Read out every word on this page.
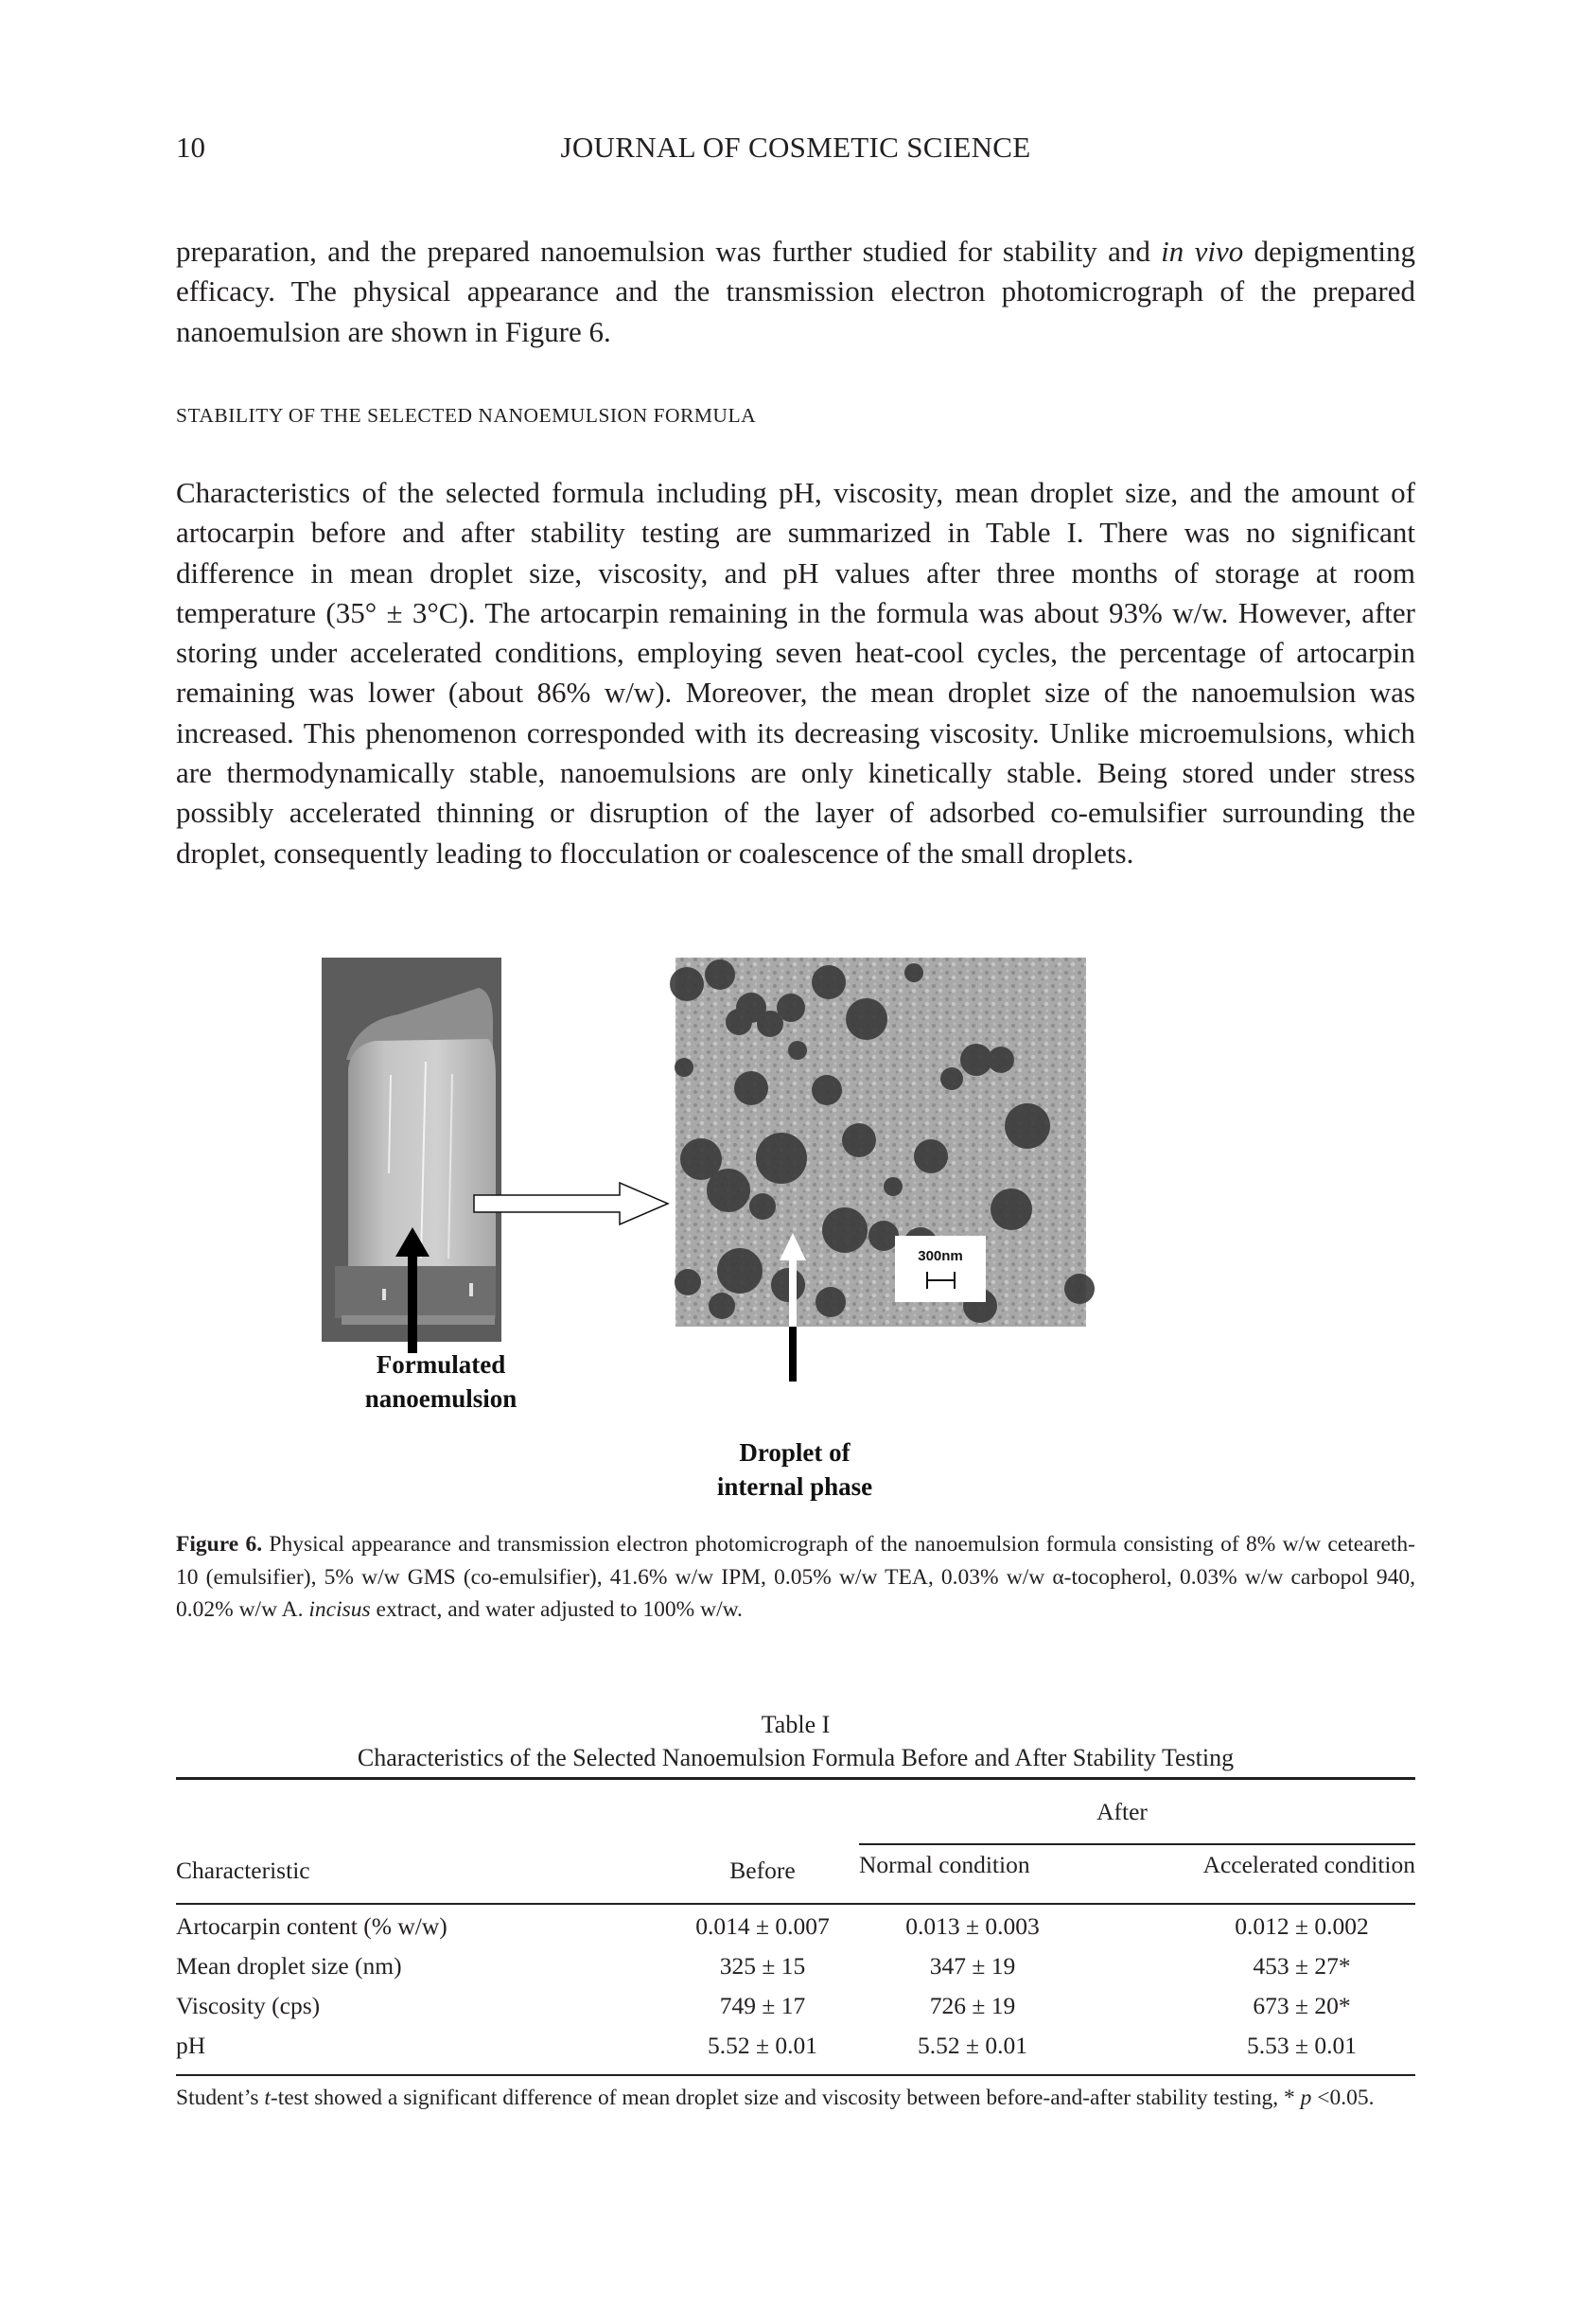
10	JOURNAL OF COSMETIC SCIENCE

preparation, and the prepared nanoemulsion was further studied for stability and in vivo depigmenting efficacy. The physical appearance and the transmission electron photomicrograph of the prepared nanoemulsion are shown in Figure 6.

STABILITY OF THE SELECTED NANOEMULSION FORMULA

Characteristics of the selected formula including pH, viscosity, mean droplet size, and the amount of artocarpin before and after stability testing are summarized in Table I. There was no significant difference in mean droplet size, viscosity, and pH values after three months of storage at room temperature (35° ± 3°C). The artocarpin remaining in the formula was about 93% w/w. However, after storing under accelerated conditions, employing seven heat-cool cycles, the percentage of artocarpin remaining was lower (about 86% w/w). Moreover, the mean droplet size of the nanoemulsion was increased. This phenomenon corresponded with its decreasing viscosity. Unlike microemulsions, which are thermodynamically stable, nanoemulsions are only kinetically stable. Being stored under stress possibly accelerated thinning or disruption of the layer of adsorbed co-emulsifier surrounding the droplet, consequently leading to flocculation or coalescence of the small droplets.

300nm
Formulated
nanoemulsion
Droplet of
internal phase

Figure 6. Physical appearance and transmission electron photomicrograph of the nanoemulsion formula consisting of 8% w/w ceteareth-10 (emulsifier), 5% w/w GMS (co-emulsifier), 41.6% w/w IPM, 0.05% w/w TEA, 0.03% w/w α-tocopherol, 0.03% w/w carbopol 940, 0.02% w/w A. incisus extract, and water adjusted to 100% w/w.

Table I
Characteristics of the Selected Nanoemulsion Formula Before and After Stability Testing
After
Characteristic	Before	Normal condition	Accelerated condition
Artocarpin content (% w/w)	0.014 ± 0.007	0.013 ± 0.003	0.012 ± 0.002
Mean droplet size (nm)	325 ± 15	347 ± 19	453 ± 27*
Viscosity (cps)	749 ± 17	726 ± 19	673 ± 20*
pH	5.52 ± 0.01	5.52 ± 0.01	5.53 ± 0.01

Student’s t-test showed a significant difference of mean droplet size and viscosity between before-and-after stability testing, * p <0.05.
